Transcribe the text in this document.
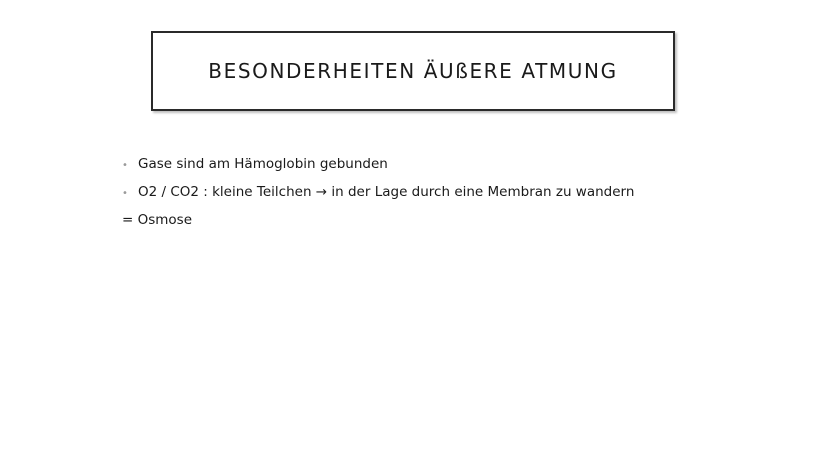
BESONDERHEITEN ÄUßERE ATMUNG
• Gase sind am Hämoglobin gebunden
• O2 / CO2 : kleine Teilchen → in der Lage durch eine Membran zu wandern
= Osmose
